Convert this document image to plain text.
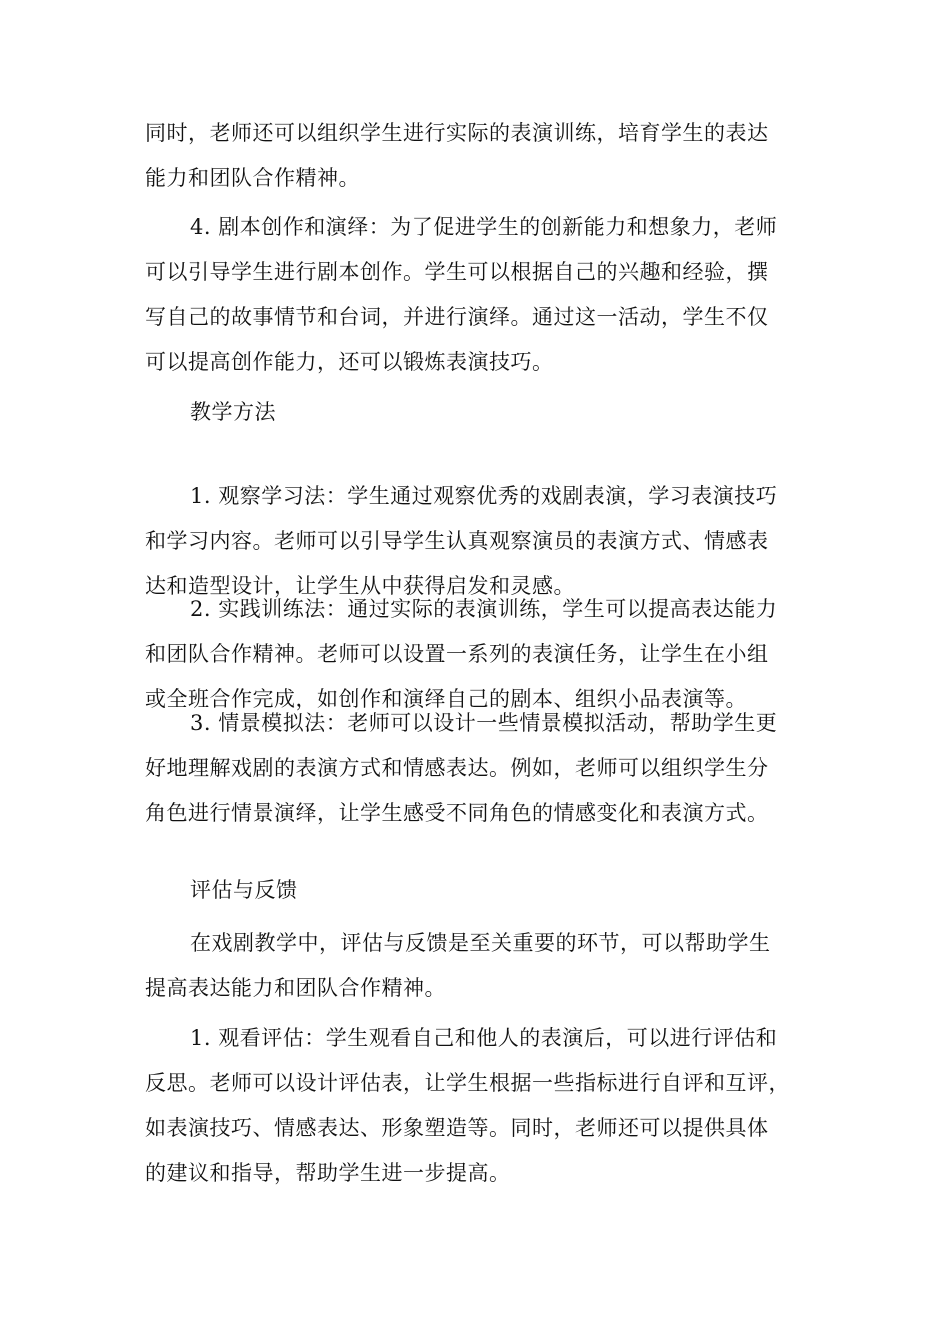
同时，老师还可以组织学生进行实际的表演训练，培育学生的表达
能力和团队合作精神。
4. 剧本创作和演绎：为了促进学生的创新能力和想象力，老师
可以引导学生进行剧本创作。学生可以根据自己的兴趣和经验，撰
写自己的故事情节和台词，并进行演绎。通过这一活动，学生不仅
可以提高创作能力，还可以锻炼表演技巧。
教学方法
1. 观察学习法：学生通过观察优秀的戏剧表演，学习表演技巧
和学习内容。老师可以引导学生认真观察演员的表演方式、情感表
达和造型设计，让学生从中获得启发和灵感。
2. 实践训练法：通过实际的表演训练，学生可以提高表达能力
和团队合作精神。老师可以设置一系列的表演任务，让学生在小组
或全班合作完成，如创作和演绎自己的剧本、组织小品表演等。
3. 情景模拟法：老师可以设计一些情景模拟活动，帮助学生更
好地理解戏剧的表演方式和情感表达。例如，老师可以组织学生分
角色进行情景演绎，让学生感受不同角色的情感变化和表演方式。
评估与反馈
在戏剧教学中，评估与反馈是至关重要的环节，可以帮助学生
提高表达能力和团队合作精神。
1. 观看评估：学生观看自己和他人的表演后，可以进行评估和
反思。老师可以设计评估表，让学生根据一些指标进行自评和互评，
如表演技巧、情感表达、形象塑造等。同时，老师还可以提供具体
的建议和指导，帮助学生进一步提高。
